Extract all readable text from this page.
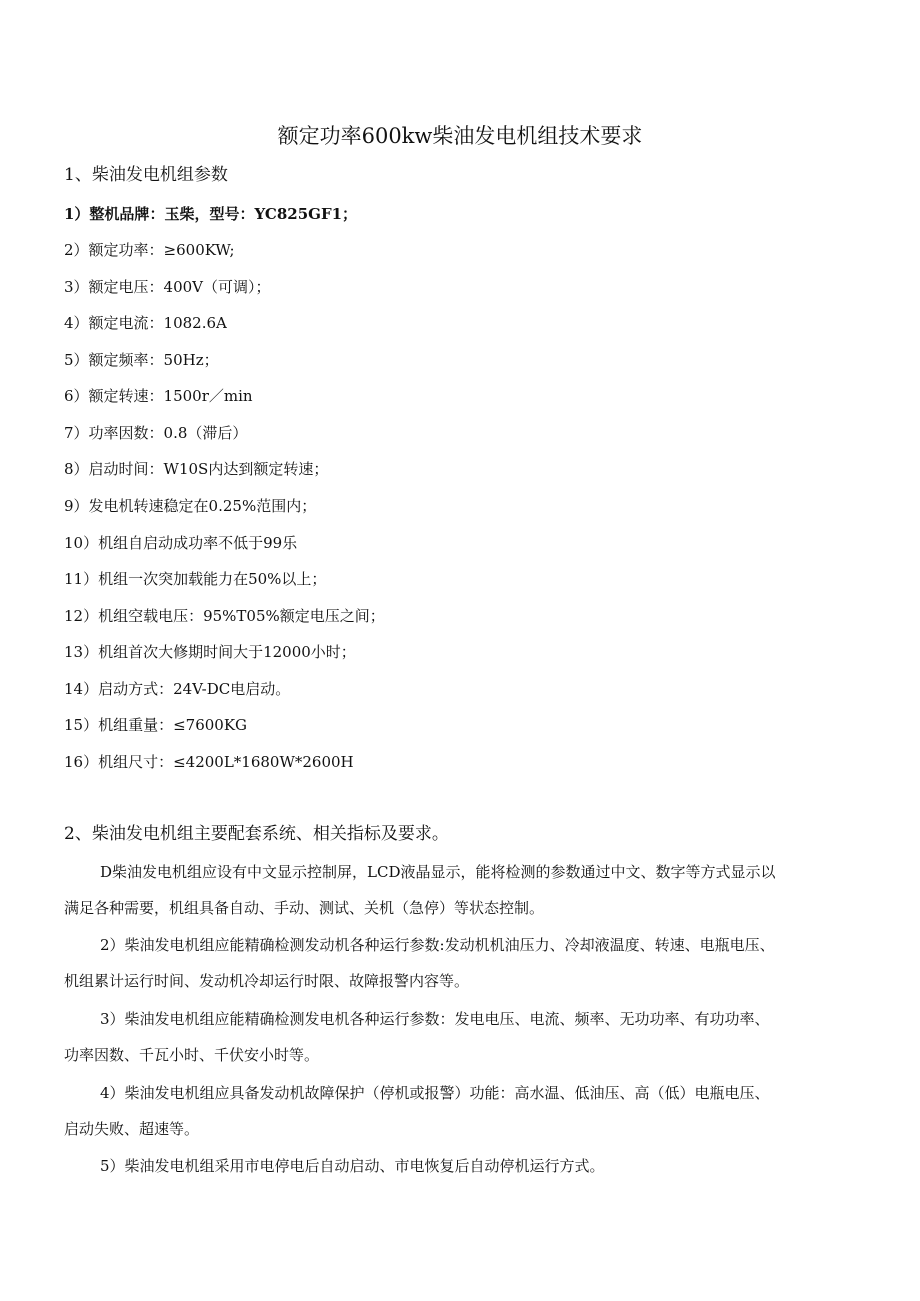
额定功率600kw柴油发电机组技术要求
1、柴油发电机组参数
1）整机品牌：玉柴，型号：YC825GF1；
2）额定功率：≥600KW;
3）额定电压：400V（可调）；
4）额定电流：1082.6A
5）额定频率：50Hz；
6）额定转速：1500r／min
7）功率因数：0.8（滞后）
8）启动时间：W10S内达到额定转速；
9）发电机转速稳定在0.25%范围内；
10）机组自启动成功率不低于99乐
11）机组一次突加载能力在50%以上；
12）机组空载电压：95%T05%额定电压之间；
13）机组首次大修期时间大于12000小时；
14）启动方式：24V-DC电启动。
15）机组重量：≤7600KG
16）机组尺寸：≤4200L*1680W*2600H
2、柴油发电机组主要配套系统、相关指标及要求。
D柴油发电机组应设有中文显示控制屏，LCD液晶显示，能将检测的参数通过中文、数字等方式显示以
满足各种需要，机组具备自动、手动、测试、关机（急停）等状态控制。
2）柴油发电机组应能精确检测发动机各种运行参数:发动机机油压力、冷却液温度、转速、电瓶电压、
机组累计运行时间、发动机冷却运行时限、故障报警内容等。
3）柴油发电机组应能精确检测发电机各种运行参数：发电电压、电流、频率、无功功率、有功功率、
功率因数、千瓦小时、千伏安小时等。
4）柴油发电机组应具备发动机故障保护（停机或报警）功能：高水温、低油压、高（低）电瓶电压、
启动失败、超速等。
5）柴油发电机组采用市电停电后自动启动、市电恢复后自动停机运行方式。
